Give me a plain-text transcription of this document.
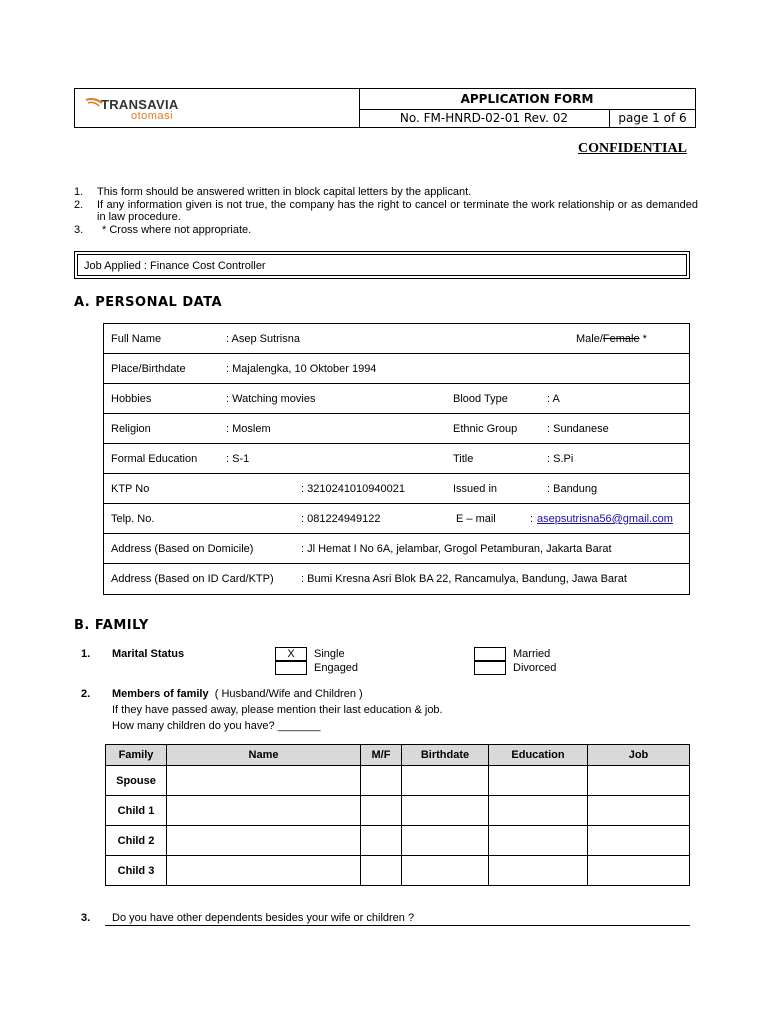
TRANSAVIA
otomasi
APPLICATION FORM
No. FM-HNRD-02-01 Rev. 02	page 1 of 6
CONFIDENTIAL
1. This form should be answered written in block capital letters by the applicant.
2. If any information given is not true, the company has the right to cancel or terminate the work relationship or as demanded in law procedure.
3. * Cross where not appropriate.
Job Applied : Finance Cost Controller
A. PERSONAL DATA
Full Name	: Asep Sutrisna	Male/Female *
Place/Birthdate	: Majalengka, 10 Oktober 1994
Hobbies	: Watching movies	Blood Type	: A
Religion	: Moslem	Ethnic Group	: Sundanese
Formal Education	: S-1	Title	: S.Pi
KTP No	: 3210241010940021	Issued in	: Bandung
Telp. No.	: 081224949122	E – mail	: asepsutrisna56@gmail.com
Address (Based on Domicile)	: Jl Hemat I No 6A, jelambar, Grogol Petamburan, Jakarta Barat
Address (Based on ID Card/KTP) : Bumi Kresna Asri Blok BA 22, Rancamulya, Bandung, Jawa Barat
B. FAMILY
1. Marital Status	X	Single
Engaged
Married
Divorced
2. Members of family ( Husband/Wife and Children )
If they have passed away, please mention their last education & job.
How many children do you have? _______
Family	Name	M/F	Birthdate	Education	Job
Spouse					
Child 1					
Child 2					
Child 3					
3. Do you have other dependents besides your wife or children ?
